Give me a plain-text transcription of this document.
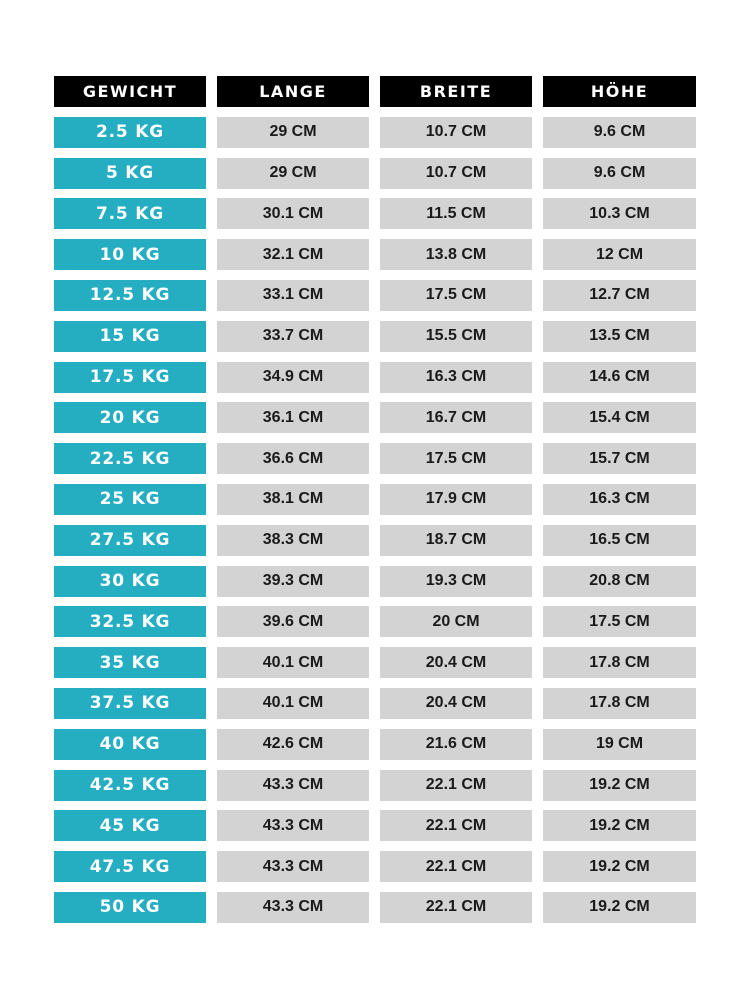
GEWICHT	LANGE	BREITE	HÖHE
2.5 KG	29 CM	10.7 CM	9.6 CM
5 KG	29 CM	10.7 CM	9.6 CM
7.5 KG	30.1 CM	11.5 CM	10.3 CM
10 KG	32.1 CM	13.8 CM	12 CM
12.5 KG	33.1 CM	17.5 CM	12.7 CM
15 KG	33.7 CM	15.5 CM	13.5 CM
17.5 KG	34.9 CM	16.3 CM	14.6 CM
20 KG	36.1 CM	16.7 CM	15.4 CM
22.5 KG	36.6 CM	17.5 CM	15.7 CM
25 KG	38.1 CM	17.9 CM	16.3 CM
27.5 KG	38.3 CM	18.7 CM	16.5 CM
30 KG	39.3 CM	19.3 CM	20.8 CM
32.5 KG	39.6 CM	20 CM	17.5 CM
35 KG	40.1 CM	20.4 CM	17.8 CM
37.5 KG	40.1 CM	20.4 CM	17.8 CM
40 KG	42.6 CM	21.6 CM	19 CM
42.5 KG	43.3 CM	22.1 CM	19.2 CM
45 KG	43.3 CM	22.1 CM	19.2 CM
47.5 KG	43.3 CM	22.1 CM	19.2 CM
50 KG	43.3 CM	22.1 CM	19.2 CM
